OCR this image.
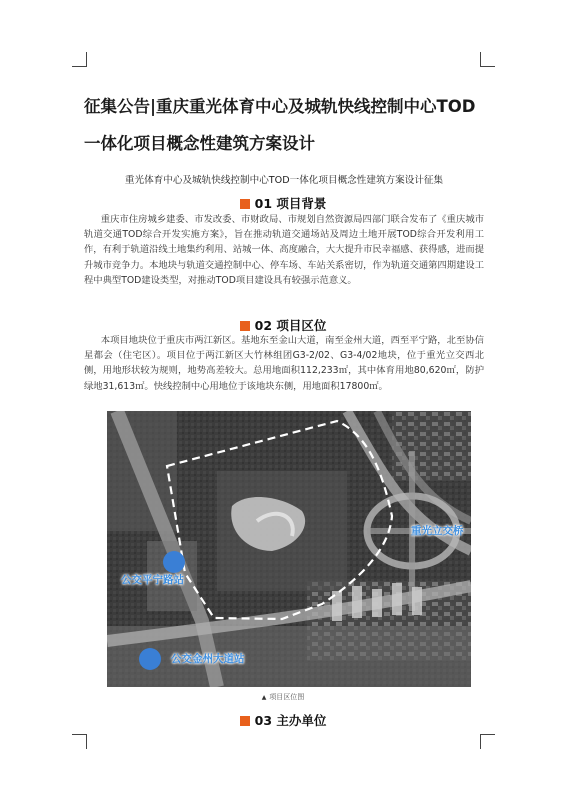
征集公告|重庆重光体育中心及城轨快线控制中心TOD一体化项目概念性建筑方案设计
重光体育中心及城轨快线控制中心TOD一体化项目概念性建筑方案设计征集
01 项目背景

重庆市住房城乡建委、市发改委、市财政局、市规划自然资源局四部门联合发布了《重庆城市轨道交通TOD综合开发实施方案》，旨在推动轨道交通场站及周边土地开展TOD综合开发利用工作，有利于轨道沿线土地集约利用、站城一体、高度融合，大大提升市民幸福感、获得感，进而提升城市竞争力。本地块与轨道交通控制中心、停车场、车站关系密切，作为轨道交通第四期建设工程中典型TOD建设类型，对推动TOD项目建设具有较强示范意义。

02 项目区位

本项目地块位于重庆市两江新区。基地东至金山大道，南至金州大道，西至平宁路，北至协信星都会（住宅区）。项目位于两江新区大竹林组团G3-2/02、G3-4/02地块，位于重光立交西北侧，用地形状较为规则，地势高差较大。总用地面积112,233㎡，其中体育用地80,620㎡，防护绿地31,613㎡。快线控制中心用地位于该地块东侧，用地面积17800㎡。

重光立交桥
公交平宁路站
公交金州大道站
▲ 项目区位图
03 主办单位
